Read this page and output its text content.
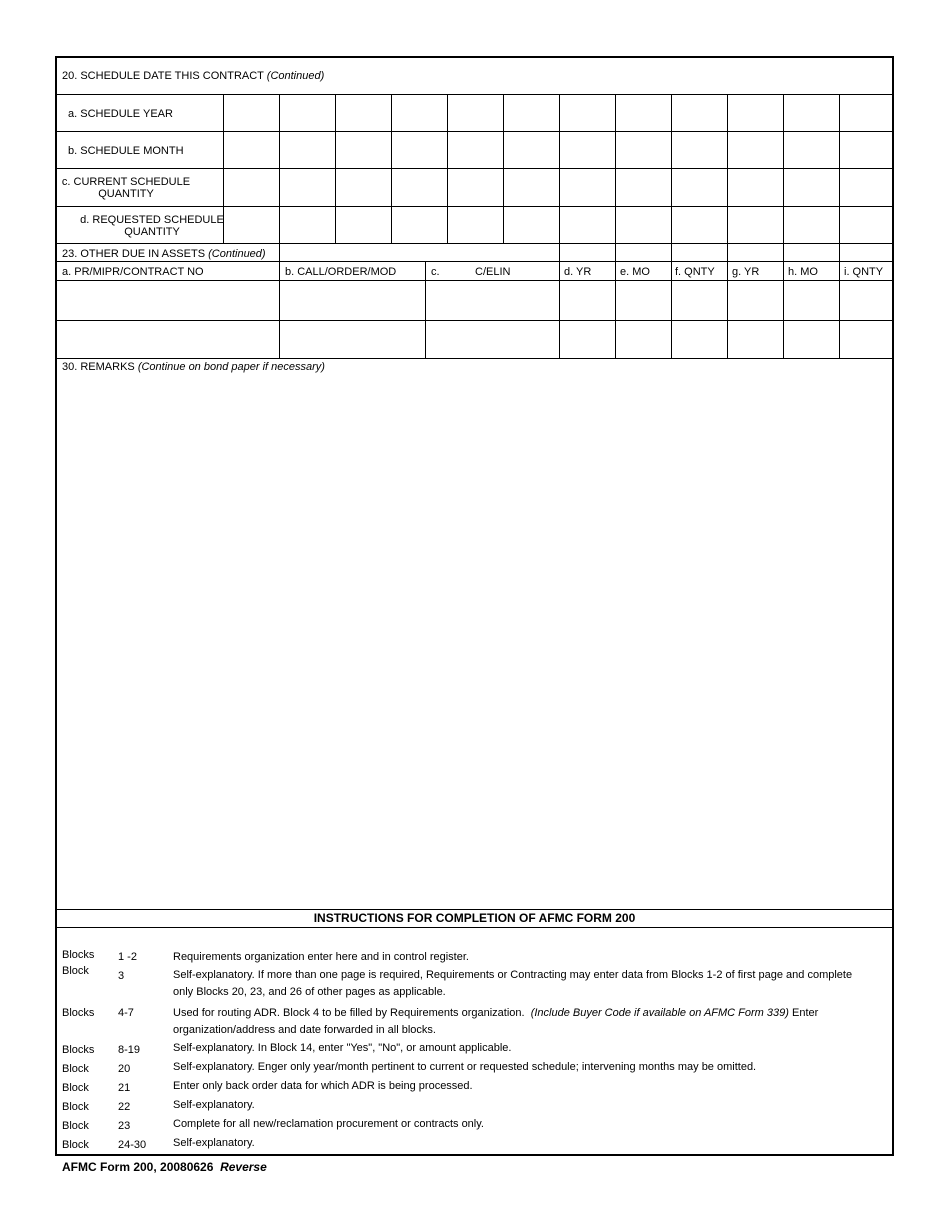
20. SCHEDULE DATE THIS CONTRACT (Continued)
a. SCHEDULE YEAR
b. SCHEDULE MONTH
c. CURRENT SCHEDULE
QUANTITY
d. REQUESTED SCHEDULE
QUANTITY
23. OTHER DUE IN ASSETS (Continued)
a. PR/MIPR/CONTRACT NO	b. CALL/ORDER/MOD	c.	C/ELIN	d. YR	e. MO f. QNTY g. YR	h. MO i. QNTY
30. REMARKS (Continue on bond paper if necessary)
INSTRUCTIONS FOR COMPLETION OF AFMC FORM 200
Blocks 1 -2	Requirements organization enter here and in control register.
Block	3	Self-explanatory. If more than one page is required, Requirements or Contracting may enter data from Blocks 1-2 of first page and complete
only Blocks 20, 23, and 26 of other pages as applicable.
Blocks 4-7	Used for routing ADR. Block 4 to be filled by Requirements organization. (Include Buyer Code if available on AFMC Form 339) Enter
organization/address and date forwarded in all blocks.
Blocks 8-19	Self-explanatory. In Block 14, enter "Yes", "No", or amount applicable.
Block	20	Self-explanatory. Enger only year/month pertinent to current or requested schedule; intervening months may be omitted.
Block	21	Enter only back order data for which ADR is being processed.
Block	22	Self-explanatory.
Block	23	Complete for all new/reclamation procurement or contracts only.
Block	24-30 Self-explanatory.
AFMC Form 200, 20080626 Reverse
